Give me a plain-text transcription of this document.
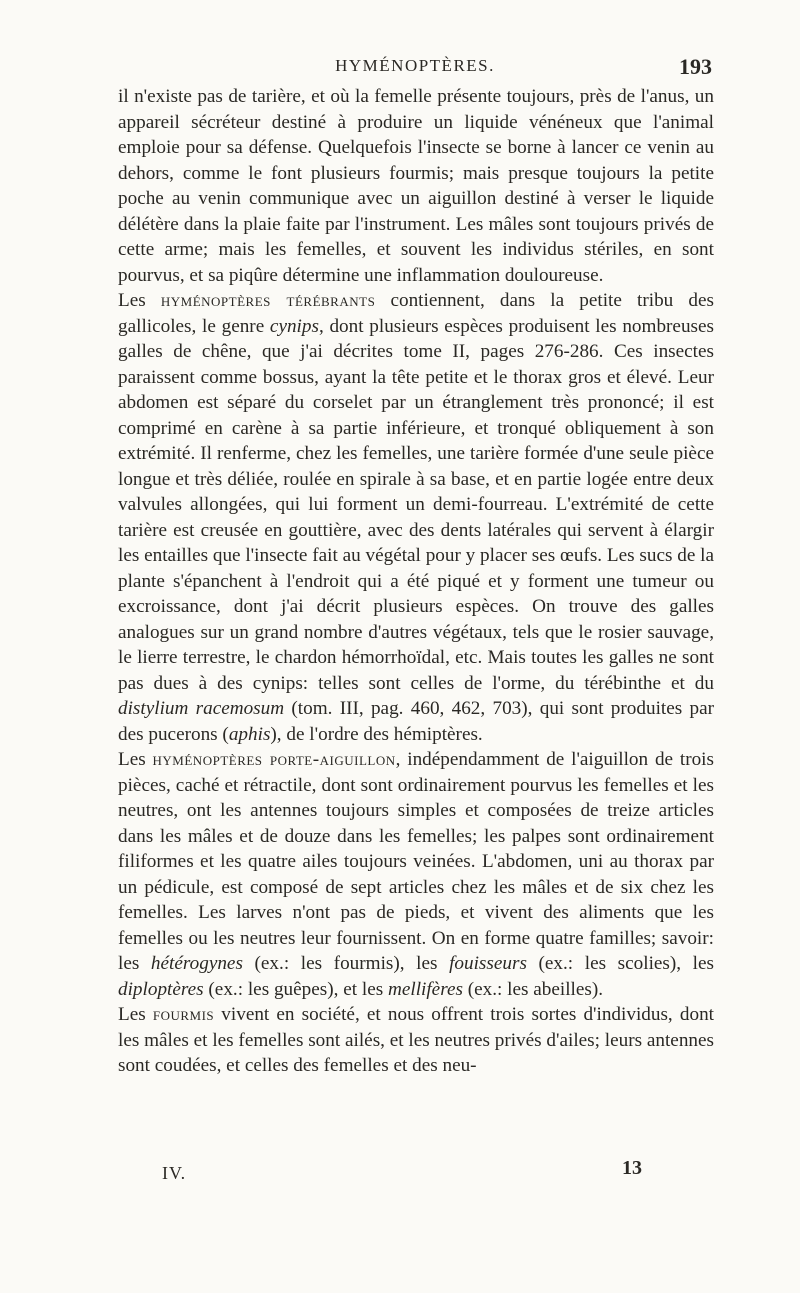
HYMÉNOPTÈRES.	193

il n'existe pas de tarière, et où la femelle présente toujours, près de l'anus, un appareil sécréteur destiné à produire un liquide vénéneux que l'animal emploie pour sa défense. Quelquefois l'insecte se borne à lancer ce venin au dehors, comme le font plusieurs fourmis; mais presque toujours la petite poche au venin communique avec un aiguillon destiné à verser le liquide délétère dans la plaie faite par l'instrument. Les mâles sont toujours privés de cette arme; mais les femelles, et souvent les individus stériles, en sont pourvus, et sa piqûre détermine une inflammation douloureuse.

Les hyménoptères térébrants contiennent, dans la petite tribu des gallicoles, le genre cynips, dont plusieurs espèces produisent les nombreuses galles de chêne, que j'ai décrites tome II, pages 276-286. Ces insectes paraissent comme bossus, ayant la tête petite et le thorax gros et élevé. Leur abdomen est séparé du corselet par un étranglement très prononcé; il est comprimé en carène à sa partie inférieure, et tronqué obliquement à son extrémité. Il renferme, chez les femelles, une tarière formée d'une seule pièce longue et très déliée, roulée en spirale à sa base, et en partie logée entre deux valvules allongées, qui lui forment un demi-fourreau. L'extrémité de cette tarière est creusée en gouttière, avec des dents latérales qui servent à élargir les entailles que l'insecte fait au végétal pour y placer ses œufs. Les sucs de la plante s'épanchent à l'endroit qui a été piqué et y forment une tumeur ou excroissance, dont j'ai décrit plusieurs espèces. On trouve des galles analogues sur un grand nombre d'autres végétaux, tels que le rosier sauvage, le lierre terrestre, le chardon hémorrhoïdal, etc. Mais toutes les galles ne sont pas dues à des cynips: telles sont celles de l'orme, du térébinthe et du distylium racemosum (tom. III, pag. 460, 462, 703), qui sont produites par des pucerons (aphis), de l'ordre des hémiptères.

Les hyménoptères porte-aiguillon, indépendamment de l'aiguillon de trois pièces, caché et rétractile, dont sont ordinairement pourvus les femelles et les neutres, ont les antennes toujours simples et composées de treize articles dans les mâles et de douze dans les femelles; les palpes sont ordinairement filiformes et les quatre ailes toujours veinées. L'abdomen, uni au thorax par un pédicule, est composé de sept articles chez les mâles et de six chez les femelles. Les larves n'ont pas de pieds, et vivent des aliments que les femelles ou les neutres leur fournissent. On en forme quatre familles; savoir: les hétérogynes (ex.: les fourmis), les fouisseurs (ex.: les scolies), les diploptères (ex.: les guêpes), et les mellifères (ex.: les abeilles).

Les fourmis vivent en société, et nous offrent trois sortes d'individus, dont les mâles et les femelles sont ailés, et les neutres privés d'ailes; leurs antennes sont coudées, et celles des femelles et des neu-

IV.	13
